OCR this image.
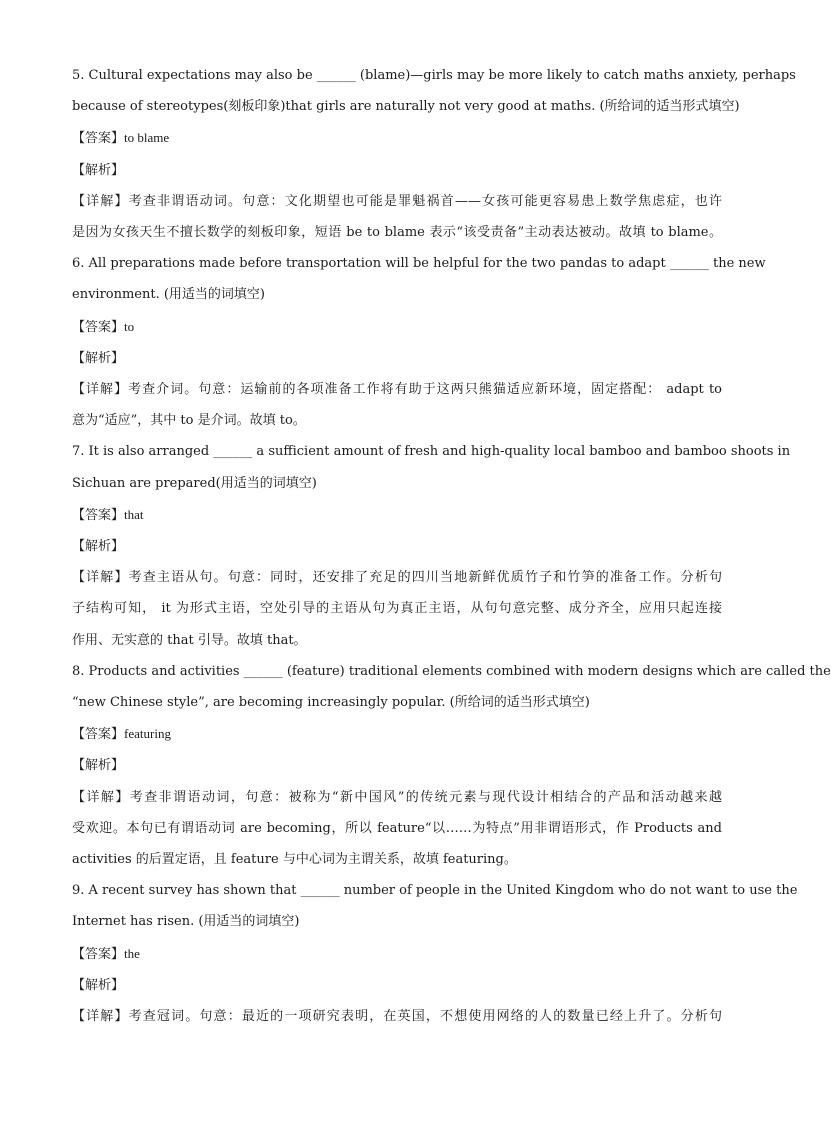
5. Cultural expectations may also be ______ (blame)—girls may be more likely to catch maths anxiety, perhaps
because of stereotypes(刻板印象)that girls are naturally not very good at maths. (所给词的适当形式填空)
【答案】to blame
【解析】
【详解】考查非谓语动词。句意：文化期望也可能是罪魁祸首——女孩可能更容易患上数学焦虑症，也许
是因为女孩天生不擅长数学的刻板印象，短语 be to blame 表示“该受责备”主动表达被动。故填 to blame。
6. All preparations made before transportation will be helpful for the two pandas to adapt ______ the new
environment. (用适当的词填空)
【答案】to
【解析】
【详解】考查介词。句意：运输前的各项准备工作将有助于这两只熊猫适应新环境，固定搭配： adapt to
意为“适应”，其中 to 是介词。故填 to。
7. It is also arranged ______ a sufficient amount of fresh and high-quality local bamboo and bamboo shoots in
Sichuan are prepared(用适当的词填空)
【答案】that
【解析】
【详解】考查主语从句。句意：同时，还安排了充足的四川当地新鲜优质竹子和竹笋的准备工作。分析句
子结构可知， it 为形式主语，空处引导的主语从句为真正主语，从句句意完整、成分齐全，应用只起连接
作用、无实意的 that 引导。故填 that。
8. Products and activities ______ (feature) traditional elements combined with modern designs which are called the
“new Chinese style”, are becoming increasingly popular. (所给词的适当形式填空)
【答案】featuring
【解析】
【详解】考查非谓语动词，句意：被称为“新中国风”的传统元素与现代设计相结合的产品和活动越来越
受欢迎。本句已有谓语动词 are becoming，所以 feature“以……为特点”用非谓语形式，作 Products and
activities 的后置定语，且 feature 与中心词为主谓关系，故填 featuring。
9. A recent survey has shown that ______ number of people in the United Kingdom who do not want to use the
Internet has risen. (用适当的词填空)
【答案】the
【解析】
【详解】考查冠词。句意：最近的一项研究表明，在英国，不想使用网络的人的数量已经上升了。分析句
